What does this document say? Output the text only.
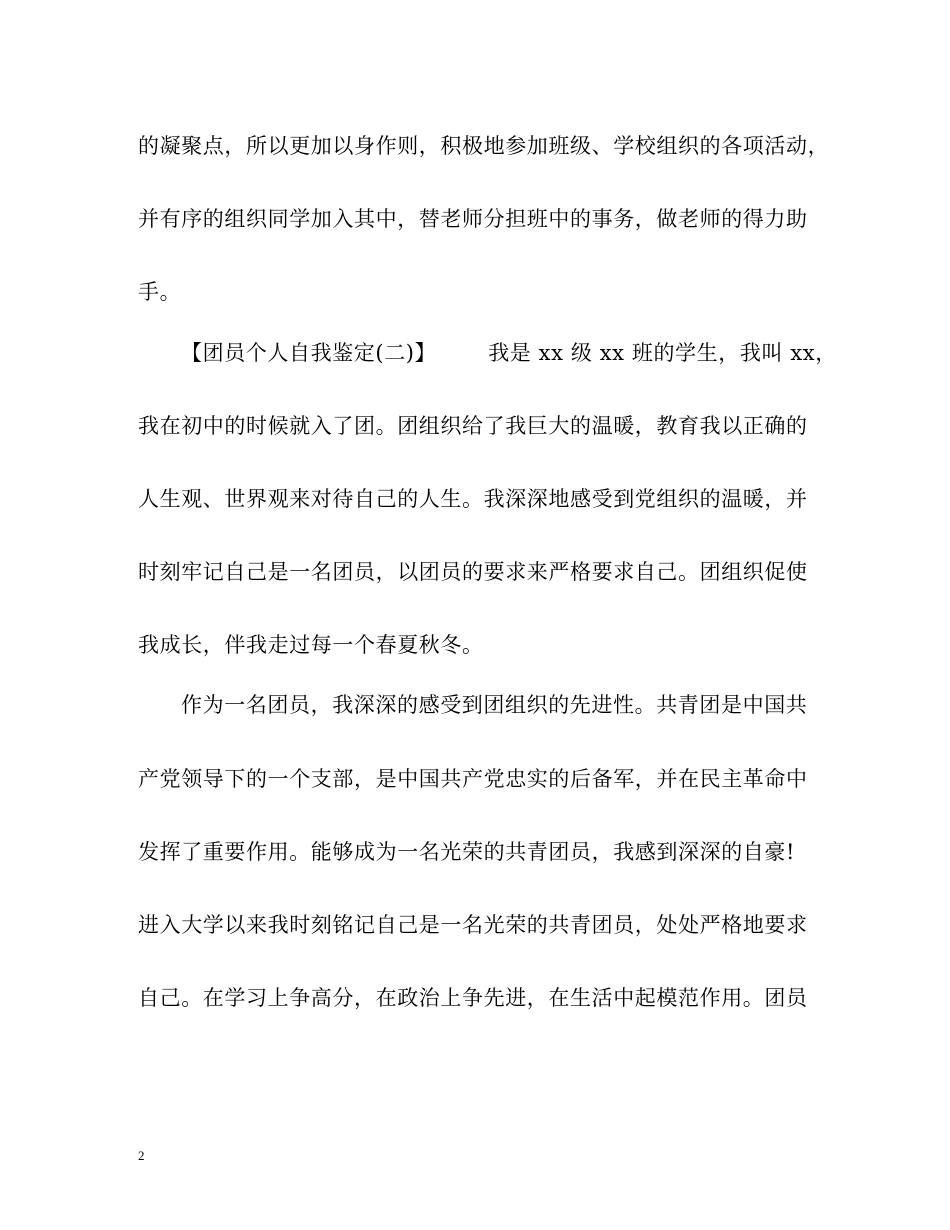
的凝聚点，所以更加以身作则，积极地参加班级、学校组织的各项活动，
并有序的组织同学加入其中，替老师分担班中的事务，做老师的得力助
手。
【团员个人自我鉴定(二)】 我是 xx 级 xx 班的学生，我叫 xx，
我在初中的时候就入了团。团组织给了我巨大的温暖，教育我以正确的
人生观、世界观来对待自己的人生。我深深地感受到党组织的温暖，并
时刻牢记自己是一名团员，以团员的要求来严格要求自己。团组织促使
我成长，伴我走过每一个春夏秋冬。
作为一名团员，我深深的感受到团组织的先进性。共青团是中国共
产党领导下的一个支部，是中国共产党忠实的后备军，并在民主革命中
发挥了重要作用。能够成为一名光荣的共青团员，我感到深深的自豪!
进入大学以来我时刻铭记自己是一名光荣的共青团员，处处严格地要求
自己。在学习上争高分，在政治上争先进，在生活中起模范作用。团员
2
